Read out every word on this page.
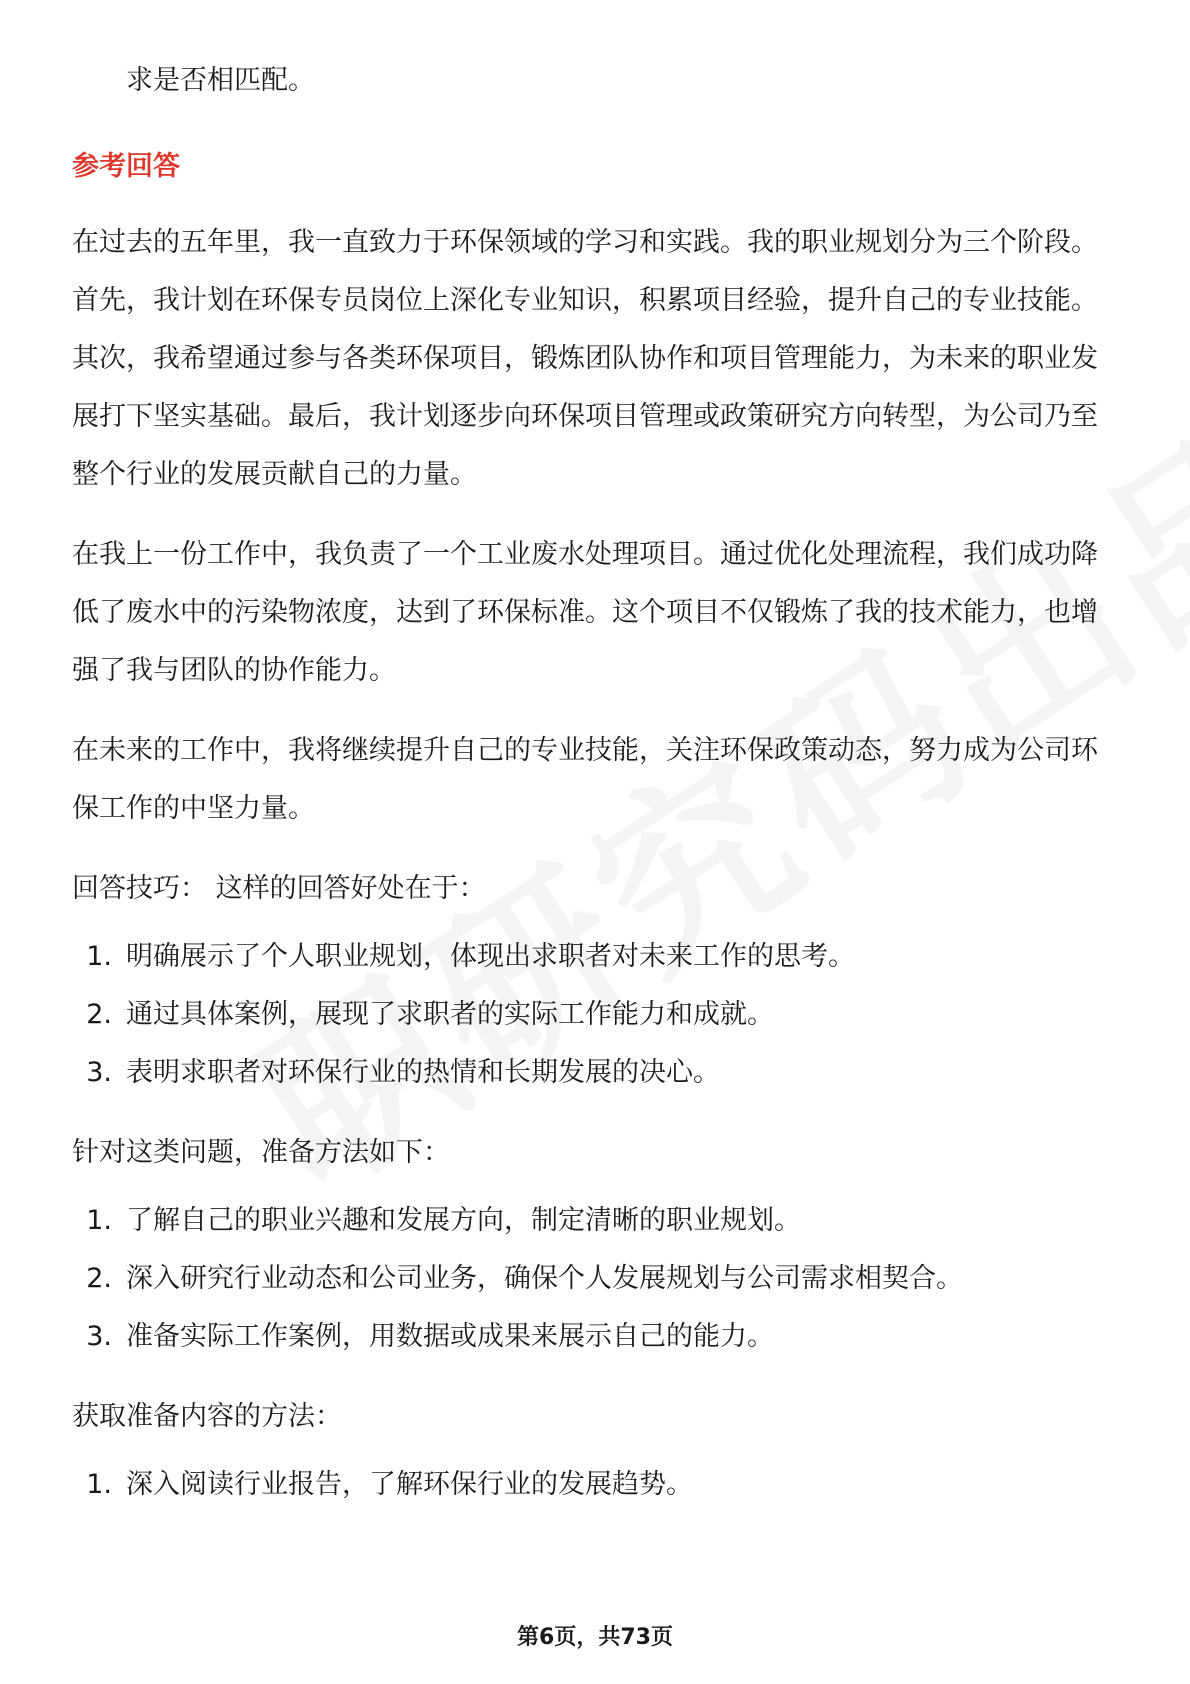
求是否相匹配。

参考回答

在过去的五年里，我一直致力于环保领域的学习和实践。我的职业规划分为三个阶段。首先，我计划在环保专员岗位上深化专业知识，积累项目经验，提升自己的专业技能。其次，我希望通过参与各类环保项目，锻炼团队协作和项目管理能力，为未来的职业发展打下坚实基础。最后，我计划逐步向环保项目管理或政策研究方向转型，为公司乃至整个行业的发展贡献自己的力量。

在我上一份工作中，我负责了一个工业废水处理项目。通过优化处理流程，我们成功降低了废水中的污染物浓度，达到了环保标准。这个项目不仅锻炼了我的技术能力，也增强了我与团队的协作能力。

在未来的工作中，我将继续提升自己的专业技能，关注环保政策动态，努力成为公司环保工作的中坚力量。

回答技巧： 这样的回答好处在于：

1. 明确展示了个人职业规划，体现出求职者对未来工作的思考。
2. 通过具体案例，展现了求职者的实际工作能力和成就。
3. 表明求职者对环保行业的热情和长期发展的决心。

针对这类问题，准备方法如下：

1. 了解自己的职业兴趣和发展方向，制定清晰的职业规划。
2. 深入研究行业动态和公司业务，确保个人发展规划与公司需求相契合。
3. 准备实际工作案例，用数据或成果来展示自己的能力。

获取准备内容的方法：

1. 深入阅读行业报告，了解环保行业的发展趋势。
第6页，共73页
